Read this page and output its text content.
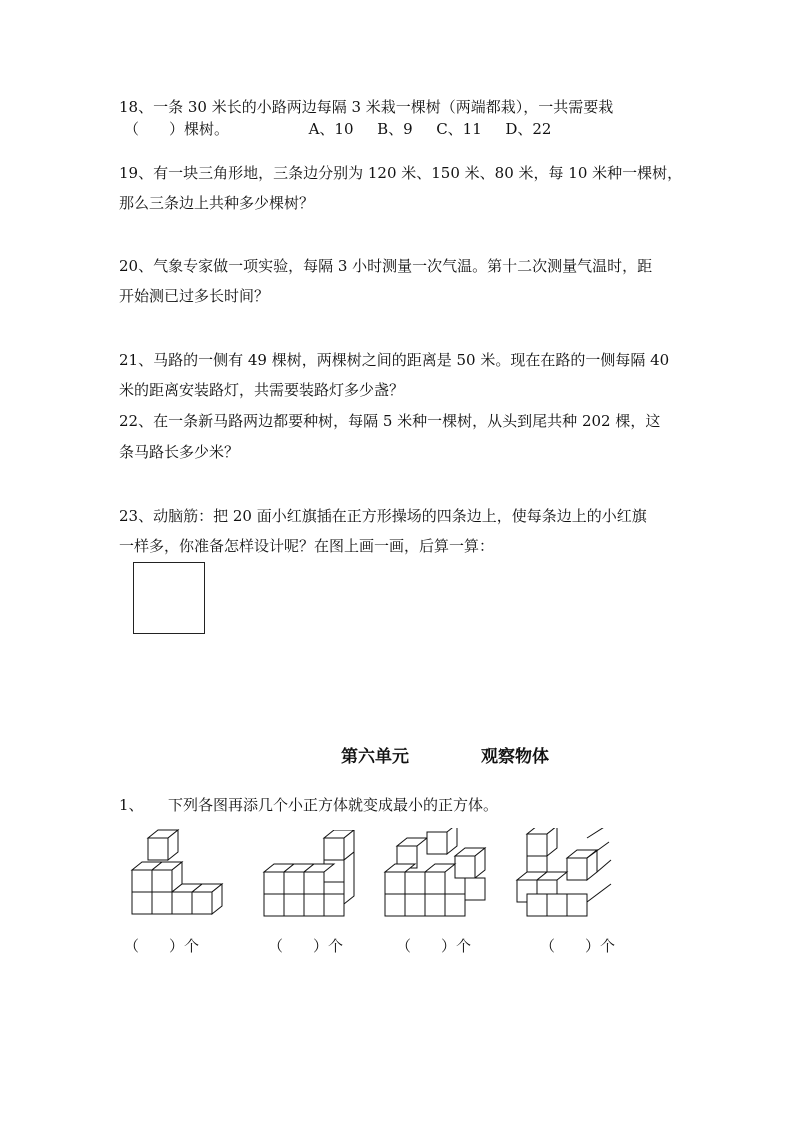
18、一条 30 米长的小路两边每隔 3 米栽一棵树（两端都栽），一共需要栽
（　　）棵树。	A、10 B、9 C、11 D、22
19、有一块三角形地，三条边分别为 120 米、150 米、80 米，每 10 米种一棵树，
那么三条边上共种多少棵树？
20、气象专家做一项实验，每隔 3 小时测量一次气温。第十二次测量气温时，距
开始测已过多长时间？
21、马路的一侧有 49 棵树，两棵树之间的距离是 50 米。现在在路的一侧每隔 40
米的距离安装路灯，共需要装路灯多少盏？
22、在一条新马路两边都要种树，每隔 5 米种一棵树，从头到尾共种 202 棵，这
条马路长多少米？
23、动脑筋：把 20 面小红旗插在正方形操场的四条边上，使每条边上的小红旗
一样多，你准备怎样设计呢？在图上画一画，后算一算：
第六单元	观察物体
1、 下列各图再添几个小正方体就变成最小的正方体。
（　　）个	（　　）个	（　　）个	（　　）个
